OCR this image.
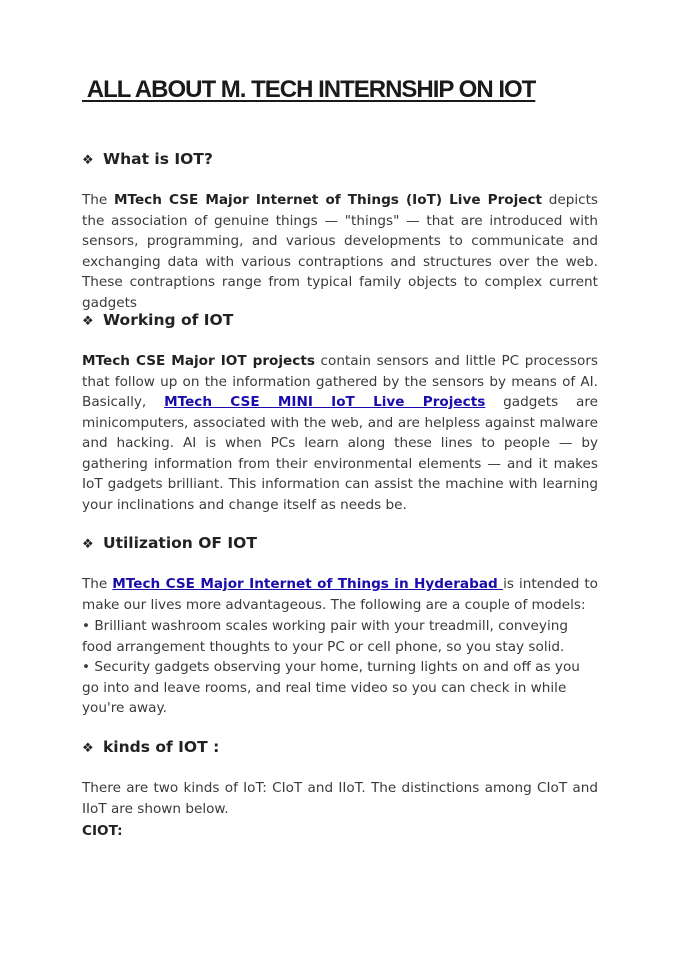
ALL ABOUT M. TECH INTERNSHIP ON IOT
❖ What is IOT?

The MTech CSE Major Internet of Things (IoT) Live Project depicts the association of genuine things — "things" — that are introduced with sensors, programming, and various developments to communicate and exchanging data with various contraptions and structures over the web. These contraptions range from typical family objects to complex current gadgets

❖ Working of IOT

MTech CSE Major IOT projects contain sensors and little PC processors that follow up on the information gathered by the sensors by means of AI. Basically, MTech CSE MINI IoT Live Projects gadgets are minicomputers, associated with the web, and are helpless against malware and hacking. AI is when PCs learn along these lines to people — by gathering information from their environmental elements — and it makes IoT gadgets brilliant. This information can assist the machine with learning your inclinations and change itself as needs be.

❖ Utilization OF IOT

The MTech CSE Major Internet of Things in Hyderabad is intended to make our lives more advantageous. The following are a couple of models:

• Brilliant washroom scales working pair with your treadmill, conveying food arrangement thoughts to your PC or cell phone, so you stay solid.

• Security gadgets observing your home, turning lights on and off as you go into and leave rooms, and real time video so you can check in while you're away.

❖ kinds of IOT :

There are two kinds of IoT: CIoT and IIoT. The distinctions among CIoT and IIoT are shown below.

CIOT:
